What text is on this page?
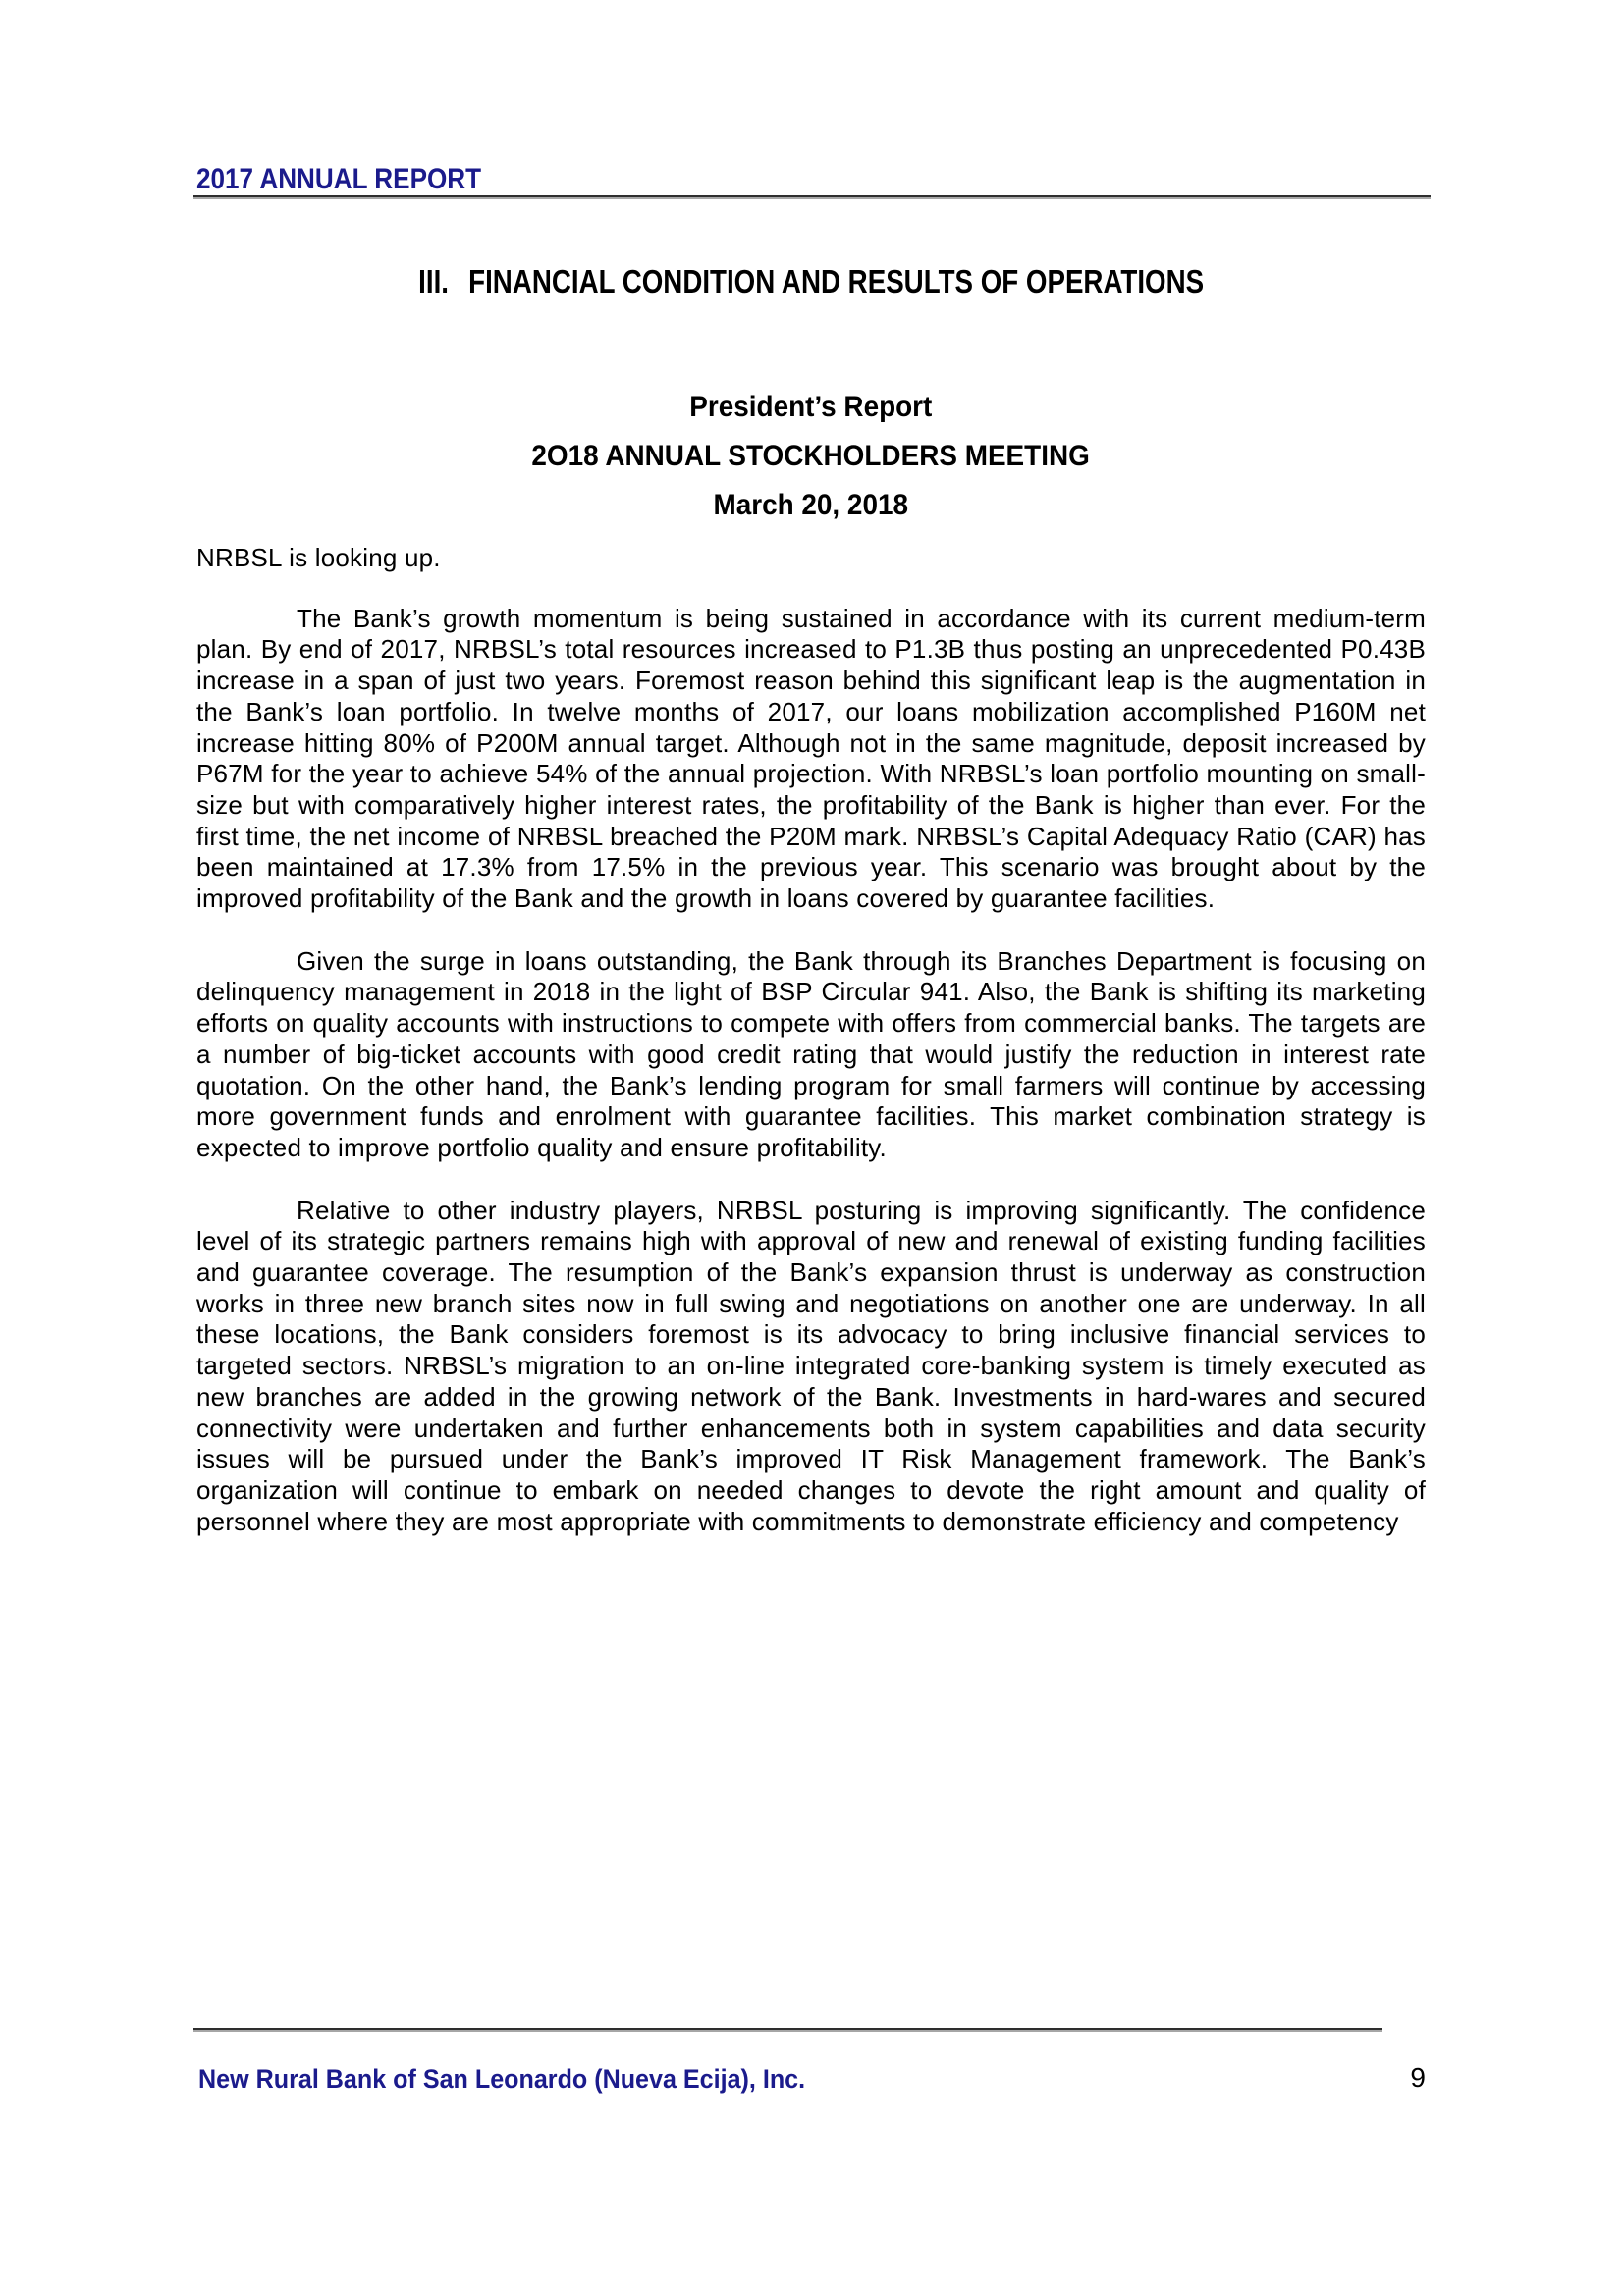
2017 ANNUAL REPORT
III. FINANCIAL CONDITION AND RESULTS OF OPERATIONS
President’s Report
2O18 ANNUAL STOCKHOLDERS MEETING
March 20, 2018

NRBSL is looking up.

The Bank’s growth momentum is being sustained in accordance with its current medium-term plan. By end of 2017, NRBSL’s total resources increased to P1.3B thus posting an unprecedented P0.43B increase in a span of just two years. Foremost reason behind this significant leap is the augmentation in the Bank’s loan portfolio. In twelve months of 2017, our loans mobilization accomplished P160M net increase hitting 80% of P200M annual target. Although not in the same magnitude, deposit increased by P67M for the year to achieve 54% of the annual projection. With NRBSL’s loan portfolio mounting on small-size but with comparatively higher interest rates, the profitability of the Bank is higher than ever. For the first time, the net income of NRBSL breached the P20M mark. NRBSL’s Capital Adequacy Ratio (CAR) has been maintained at 17.3% from 17.5% in the previous year. This scenario was brought about by the improved profitability of the Bank and the growth in loans covered by guarantee facilities.

Given the surge in loans outstanding, the Bank through its Branches Department is focusing on delinquency management in 2018 in the light of BSP Circular 941. Also, the Bank is shifting its marketing efforts on quality accounts with instructions to compete with offers from commercial banks. The targets are a number of big-ticket accounts with good credit rating that would justify the reduction in interest rate quotation. On the other hand, the Bank’s lending program for small farmers will continue by accessing more government funds and enrolment with guarantee facilities. This market combination strategy is expected to improve portfolio quality and ensure profitability.

Relative to other industry players, NRBSL posturing is improving significantly. The confidence level of its strategic partners remains high with approval of new and renewal of existing funding facilities and guarantee coverage. The resumption of the Bank’s expansion thrust is underway as construction works in three new branch sites now in full swing and negotiations on another one are underway. In all these locations, the Bank considers foremost is its advocacy to bring inclusive financial services to targeted sectors. NRBSL’s migration to an on-line integrated core-banking system is timely executed as new branches are added in the growing network of the Bank. Investments in hard-wares and secured connectivity were undertaken and further enhancements both in system capabilities and data security issues will be pursued under the Bank’s improved IT Risk Management framework. The Bank’s organization will continue to embark on needed changes to devote the right amount and quality of personnel where they are most appropriate with commitments to demonstrate efficiency and competency

New Rural Bank of San Leonardo (Nueva Ecija), Inc.	9
